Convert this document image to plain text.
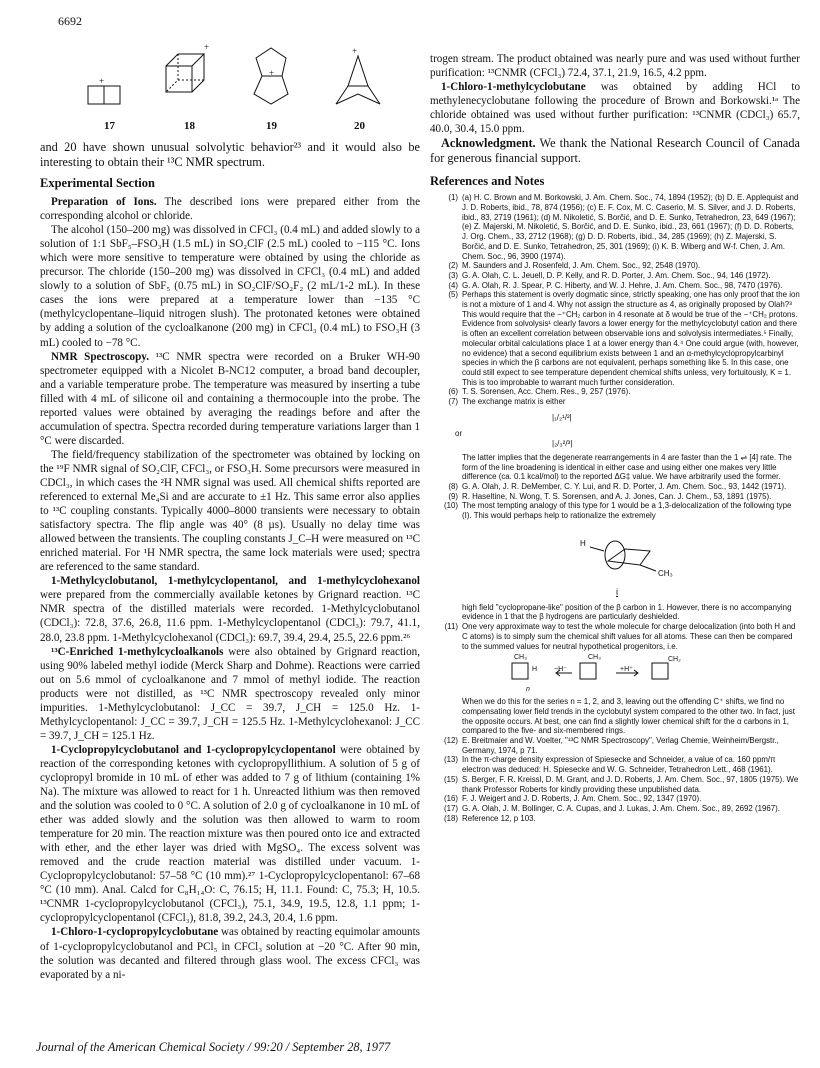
6692
+
+
+
+
17	18	19	20

and 20 have shown unusual solvolytic behavior²³ and it would also be interesting to obtain their ¹³C NMR spectrum.

Experimental Section

Preparation of Ions. The described ions were prepared either from the corresponding alcohol or chloride.

The alcohol (150–200 mg) was dissolved in CFCl₃ (0.4 mL) and added slowly to a solution of 1:1 SbF₅–FSO₃H (1.5 mL) in SO₂ClF (2.5 mL) cooled to −115 °C. Ions which were more sensitive to temperature were obtained by using the chloride as precursor. The chloride (150–200 mg) was dissolved in CFCl₃ (0.4 mL) and added slowly to a solution of SbF₅ (0.75 mL) in SO₂ClF/SO₂F₂ (2 mL/1-2 mL). In these cases the ions were prepared at a temperature lower than −135 °C (methylcyclopentane–liquid nitrogen slush). The protonated ketones were obtained by adding a solution of the cycloalkanone (200 mg) in CFCl₃ (0.4 mL) to FSO₃H (3 mL) cooled to −78 °C.

NMR Spectroscopy. ¹³C NMR spectra were recorded on a Bruker WH-90 spectrometer equipped with a Nicolet B-NC12 computer, a broad band decoupler, and a variable temperature probe. The temperature was measured by inserting a tube filled with 4 mL of silicone oil and containing a thermocouple into the probe. The reported values were obtained by averaging the readings before and after the accumulation of spectra. Spectra recorded during temperature variations larger than 1 °C were discarded.

The field/frequency stabilization of the spectrometer was obtained by locking on the ¹⁹F NMR signal of SO₂ClF, CFCl₃, or FSO₃H. Some precursors were measured in CDCl₃, in which cases the ²H NMR signal was used. All chemical shifts reported are referenced to external Me₄Si and are accurate to ±1 Hz. This same error also applies to ¹³C coupling constants. Typically 4000–8000 transients were necessary to obtain satisfactory spectra. The flip angle was 40° (8 µs). Usually no delay time was allowed between the transients. The coupling constants J_C–H were measured on ¹³C enriched material. For ¹H NMR spectra, the same lock materials were used; spectra are referenced to the same standard.

1-Methylcyclobutanol, 1-methylcyclopentanol, and 1-methylcyclohexanol were prepared from the commercially available ketones by Grignard reaction. ¹³C NMR spectra of the distilled materials were recorded. 1-Methylcyclobutanol (CDCl₃): 72.8, 37.6, 26.8, 11.6 ppm. 1-Methylcyclopentanol (CDCl₃): 79.7, 41.1, 28.0, 23.8 ppm. 1-Methylcyclohexanol (CDCl₃): 69.7, 39.4, 29.4, 25.5, 22.6 ppm.²⁶

¹³C-Enriched 1-methylcycloalkanols were also obtained by Grignard reaction, using 90% labeled methyl iodide (Merck Sharp and Dohme). Reactions were carried out on 5.6 mmol of cycloalkanone and 7 mmol of methyl iodide. The reaction products were not distilled, as ¹³C NMR spectroscopy revealed only minor impurities. 1-Methylcyclobutanol: J_CC = 39.7, J_CH = 125.0 Hz. 1-Methylcyclopentanol: J_CC = 39.7, J_CH = 125.5 Hz. 1-Methylcyclohexanol: J_CC = 39.7, J_CH = 125.1 Hz.

1-Cyclopropylcyclobutanol and 1-cyclopropylcyclopentanol were obtained by reaction of the corresponding ketones with cyclopropyllithium. A solution of 5 g of cyclopropyl bromide in 10 mL of ether was added to 7 g of lithium (containing 1% Na). The mixture was allowed to react for 1 h. Unreacted lithium was then removed and the solution was cooled to 0 °C. A solution of 2.0 g of cycloalkanone in 10 mL of ether was added slowly and the solution was then allowed to warm to room temperature for 20 min. The reaction mixture was then poured onto ice and extracted with ether, and the ether layer was dried with MgSO₄. The excess solvent was removed and the crude reaction material was distilled under vacuum. 1-Cyclopropylcyclobutanol: 57–58 °C (10 mm).²⁷ 1-Cyclopropylcyclopentanol: 67–68 °C (10 mm). Anal. Calcd for C₈H₁₄O: C, 76.15; H, 11.1. Found: C, 75.3; H, 10.5. ¹³CNMR 1-cyclopropylcyclobutanol (CFCl₃), 75.1, 34.9, 19.5, 12.8, 1.1 ppm; 1-cyclopropylcyclopentanol (CFCl₃), 81.8, 39.2, 24.3, 20.4, 1.6 ppm.

1-Chloro-1-cyclopropylcyclobutane was obtained by reacting equimolar amounts of 1-cyclopropylcyclobutanol and PCl₅ in CFCl₃ solution at −20 °C. After 90 min, the solution was decanted and filtered through glass wool. The excess CFCl₃ was evaporated by a ni-

trogen stream. The product obtained was nearly pure and was used without further purification: ¹³CNMR (CFCl₃) 72.4, 37.1, 21.9, 16.5, 4.2 ppm.

1-Chloro-1-methylcyclobutane was obtained by adding HCl to methylenecyclobutane following the procedure of Brown and Borkowski.¹ᵃ The chloride obtained was used without further purification: ¹³CNMR (CDCl₃) 65.7, 40.0, 30.4, 15.0 ppm.

Acknowledgment. We thank the National Research Council of Canada for generous financial support.

References and Notes
(1) (a) H. C. Brown and M. Borkowski, J. Am. Chem. Soc., 74, 1894 (1952); (b) D. E. Applequist and J. D. Roberts, ibid., 78, 874 (1956); (c) E. F. Cox, M. C. Caserio, M. S. Silver, and J. D. Roberts, ibid., 83, 2719 (1961); (d) M. Nikoletić, S. Borčić, and D. E. Sunko, Tetrahedron, 23, 649 (1967); (e) Z. Majerski, M. Nikoletić, S. Borčić, and D. E. Sunko, ibid., 23, 661 (1967); (f) D. D. Roberts, J. Org. Chem., 33, 2712 (1968); (g) D. D. Roberts, ibid., 34, 285 (1969); (h) Z. Majerski, S. Borčić, and D. E. Sunko, Tetrahedron, 25, 301 (1969); (i) K. B. Wiberg and W-f. Chen, J. Am. Chem. Soc., 96, 3900 (1974).
(2) M. Saunders and J. Rosenfeld, J. Am. Chem. Soc., 92, 2548 (1970).
(3) G. A. Olah, C. L. Jeuell, D. P. Kelly, and R. D. Porter, J. Am. Chem. Soc., 94, 146 (1972).
(4) G. A. Olah, R. J. Spear, P. C. Hiberty, and W. J. Hehre, J. Am. Chem. Soc., 98, 7470 (1976).
(5) Perhaps this statement is overly dogmatic since, strictly speaking, one has only proof that the ion is not a mixture of 1 and 4. Why not assign the structure as 4, as originally proposed by Olah?³ This would require that the −⁺CH₂ carbon in 4 resonate at δ would be true of the −⁺CH₂ protons. Evidence from solvolysis¹ clearly favors a lower energy for the methylcyclobutyl cation and there is often an excellent correlation between observable ions and solvolysis intermediates.⁵ Finally, molecular orbital calculations place 1 at a lower energy than 4.⁴ One could argue (with, however, no evidence) that a second equilibrium exists between 1 and an α-methylcyclopropylcarbinyl species in which the β carbons are not equivalent, perhaps something like 5. In this case, one could still expect to see temperature dependent chemical shifts unless, very fortuitously, K = 1. This is too improbable to warrant much further consideration.
(6) T. S. Sorensen, Acc. Chem. Res., 9, 257 (1976).
(7) The exchange matrix is either
or
|₁/₂¹/²|
|₂/₃²/³|
The latter implies that the degenerate rearrangements in 4 are faster than the 1 ⇌ [4] rate. The form of the line broadening is identical in either case and using either one makes very little difference (ca. 0.1 kcal/mol) to the reported ΔG‡ value. We have arbitrarily used the former.
(8) G. A. Olah, J. R. DeMember, C. Y. Lui, and R. D. Porter, J. Am. Chem. Soc., 93, 1442 (1971).
(9) R. Haseltine, N. Wong, T. S. Sorensen, and A. J. Jones, Can. J. Chem., 53, 1891 (1975).
(10) The most tempting analogy of this type for 1 would be a 1,3-delocalization of the following type (I). This would perhaps help to rationalize the extremely
H
CH₃
i
high field "cyclopropane-like" position of the β carbon in 1. However, there is no accompanying evidence in 1 that the β hydrogens are particularly deshielded.
(11) One very approximate way to test the whole molecule for charge delocalization (into both H and C atoms) is to simply sum the chemical shift values for all atoms. These can then be compared to the summed values for neutral hypothetical progenitors, i.e.
CH₃
H −H⁻
CH₃
+H⁺
CH₂
n
When we do this for the series n = 1, 2, and 3, leaving out the offending C⁺ shifts, we find no compensating lower field trends in the cyclobutyl system compared to the other two. In fact, just the opposite occurs. At best, one can find a slightly lower chemical shift for the α carbons in 1, compared to the five- and six-membered rings.
(12) E. Breitmaier and W. Voelter, "¹³C NMR Spectroscopy", Verlag Chemie, Weinheim/Bergstr., Germany, 1974, p 71.
(13) In the π-charge density expression of Spiesecke and Schneider, a value of ca. 160 ppm/π electron was deduced: H. Spiesecke and W. G. Schneider, Tetrahedron Lett., 468 (1961).
(15) S. Berger, F. R. Kreissl, D. M. Grant, and J. D. Roberts, J. Am. Chem. Soc., 97, 1805 (1975). We thank Professor Roberts for kindly providing these unpublished data.
(16) F. J. Weigert and J. D. Roberts, J. Am. Chem. Soc., 92, 1347 (1970).
(17) G. A. Olah, J. M. Bollinger, C. A. Cupas, and J. Lukas, J. Am. Chem. Soc., 89, 2692 (1967).
(18) Reference 12, p 103.
Journal of the American Chemical Society / 99:20 / September 28, 1977
